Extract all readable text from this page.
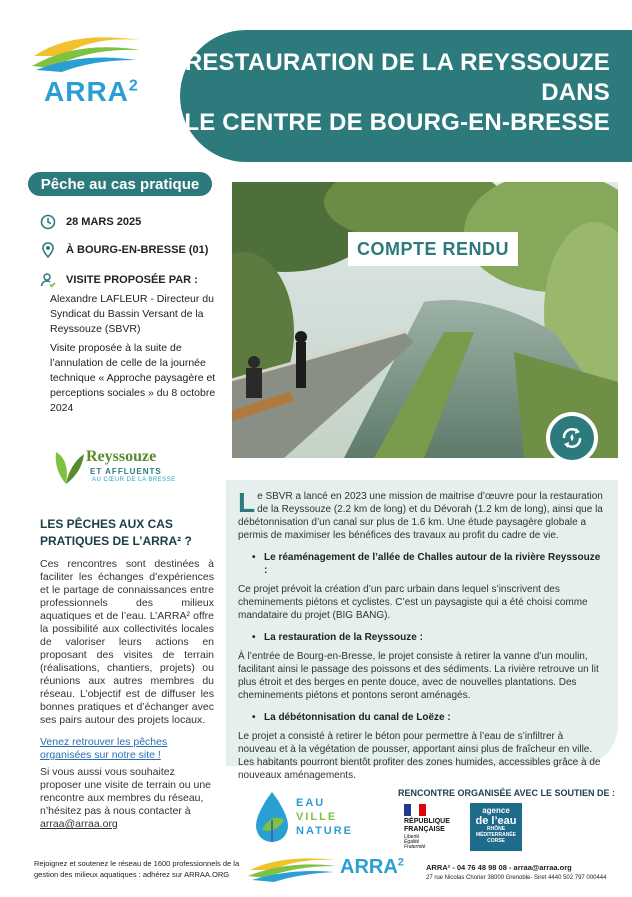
ARRA$^2$
RESTAURATION DE LA REYSSOUZE DANS
LE CENTRE DE BOURG-EN-BRESSE
Pêche au cas pratique
28 MARS 2025
À BOURG-EN-BRESSE (01)
VISITE PROPOSÉE PAR :
Alexandre LAFLEUR - Directeur du Syndicat du Bassin Versant de la Reyssouze (SBVR)
Visite proposée à la suite de l’annulation de celle de la journée technique « Approche paysagère et perceptions sociales » du 8 octobre 2024
Reyssouze
ET AFFLUENTS
AU CŒUR DE LA BRESSE
LES PÊCHES AUX CAS PRATIQUES DE L’ARRA² ?
Ces rencontres sont destinées à faciliter les échanges d’expériences et le partage de connaissances entre professionnels des milieux aquatiques et de l’eau. L’ARRA² offre la possibilité aux collectivités locales de valoriser leurs actions en proposant des visites de terrain (réalisations, chantiers, projets) ou réunions aux autres membres du réseau. L’objectif est de diffuser les bonnes pratiques et d’échanger avec ses pairs autour des projets locaux.
Venez retrouver les pêches organisées sur notre site !
Si vous aussi vous souhaitez proposer une visite de terrain ou une rencontre aux membres du réseau, n’hésitez pas à nous contacter à
arraa@arraa.org
Rejoignez et soutenez le réseau de 1600 professionnels de la gestion des milieux aquatiques : adhérez sur ARRAA.ORG
COMPTE RENDU

Le SBVR a lancé en 2023 une mission de maitrise d’œuvre pour la restauration de la Reyssouze (2.2 km de long) et du Dévorah (1.2 km de long), ainsi que la débétonnisation d’un canal sur plus de 1.6 km. Une étude paysagère globale a permis de maximiser les bénéfices des travaux au profit du cadre de vie.

• Le réaménagement de l’allée de Challes autour de la rivière Reyssouze :

Ce projet prévoit la création d’un parc urbain dans lequel s’inscrivent des cheminements piétons et cyclistes. C’est un paysagiste qui a été choisi comme mandataire du projet (BIG BANG).

• La restauration de la Reyssouze :

À l’entrée de Bourg-en-Bresse, le projet consiste à retirer la vanne d’un moulin, facilitant ainsi le passage des poissons et des sédiments. La rivière retrouve un lit plus étroit et des berges en pente douce, avec de nouvelles plantations. Des cheminements piétons et pontons seront aménagés.

• La débétonnisation du canal de Loëze :

Le projet a consisté à retirer le béton pour permettre à l’eau de s’infiltrer à nouveau et à la végétation de pousser, apportant ainsi plus de fraîcheur en ville. Les habitants pourront bientôt profiter des zones humides, accessibles grâce à de nouveaux aménagements.

RENCONTRE ORGANISÉE AVEC LE SOUTIEN DE :
EAU
VILLE
NATURE
RÉPUBLIQUE
FRANÇAISE
Liberté
Égalité
Fraternité
agence
de l’eau
RHÔNE
MÉDITERRANÉE
CORSE
ARRA$^2$	ARRA² - 04 76 48 98 08 - arraa@arraa.org
27 rue Nicolas Chorier 38000 Grenoble- Siret 4440 502 797 000444
